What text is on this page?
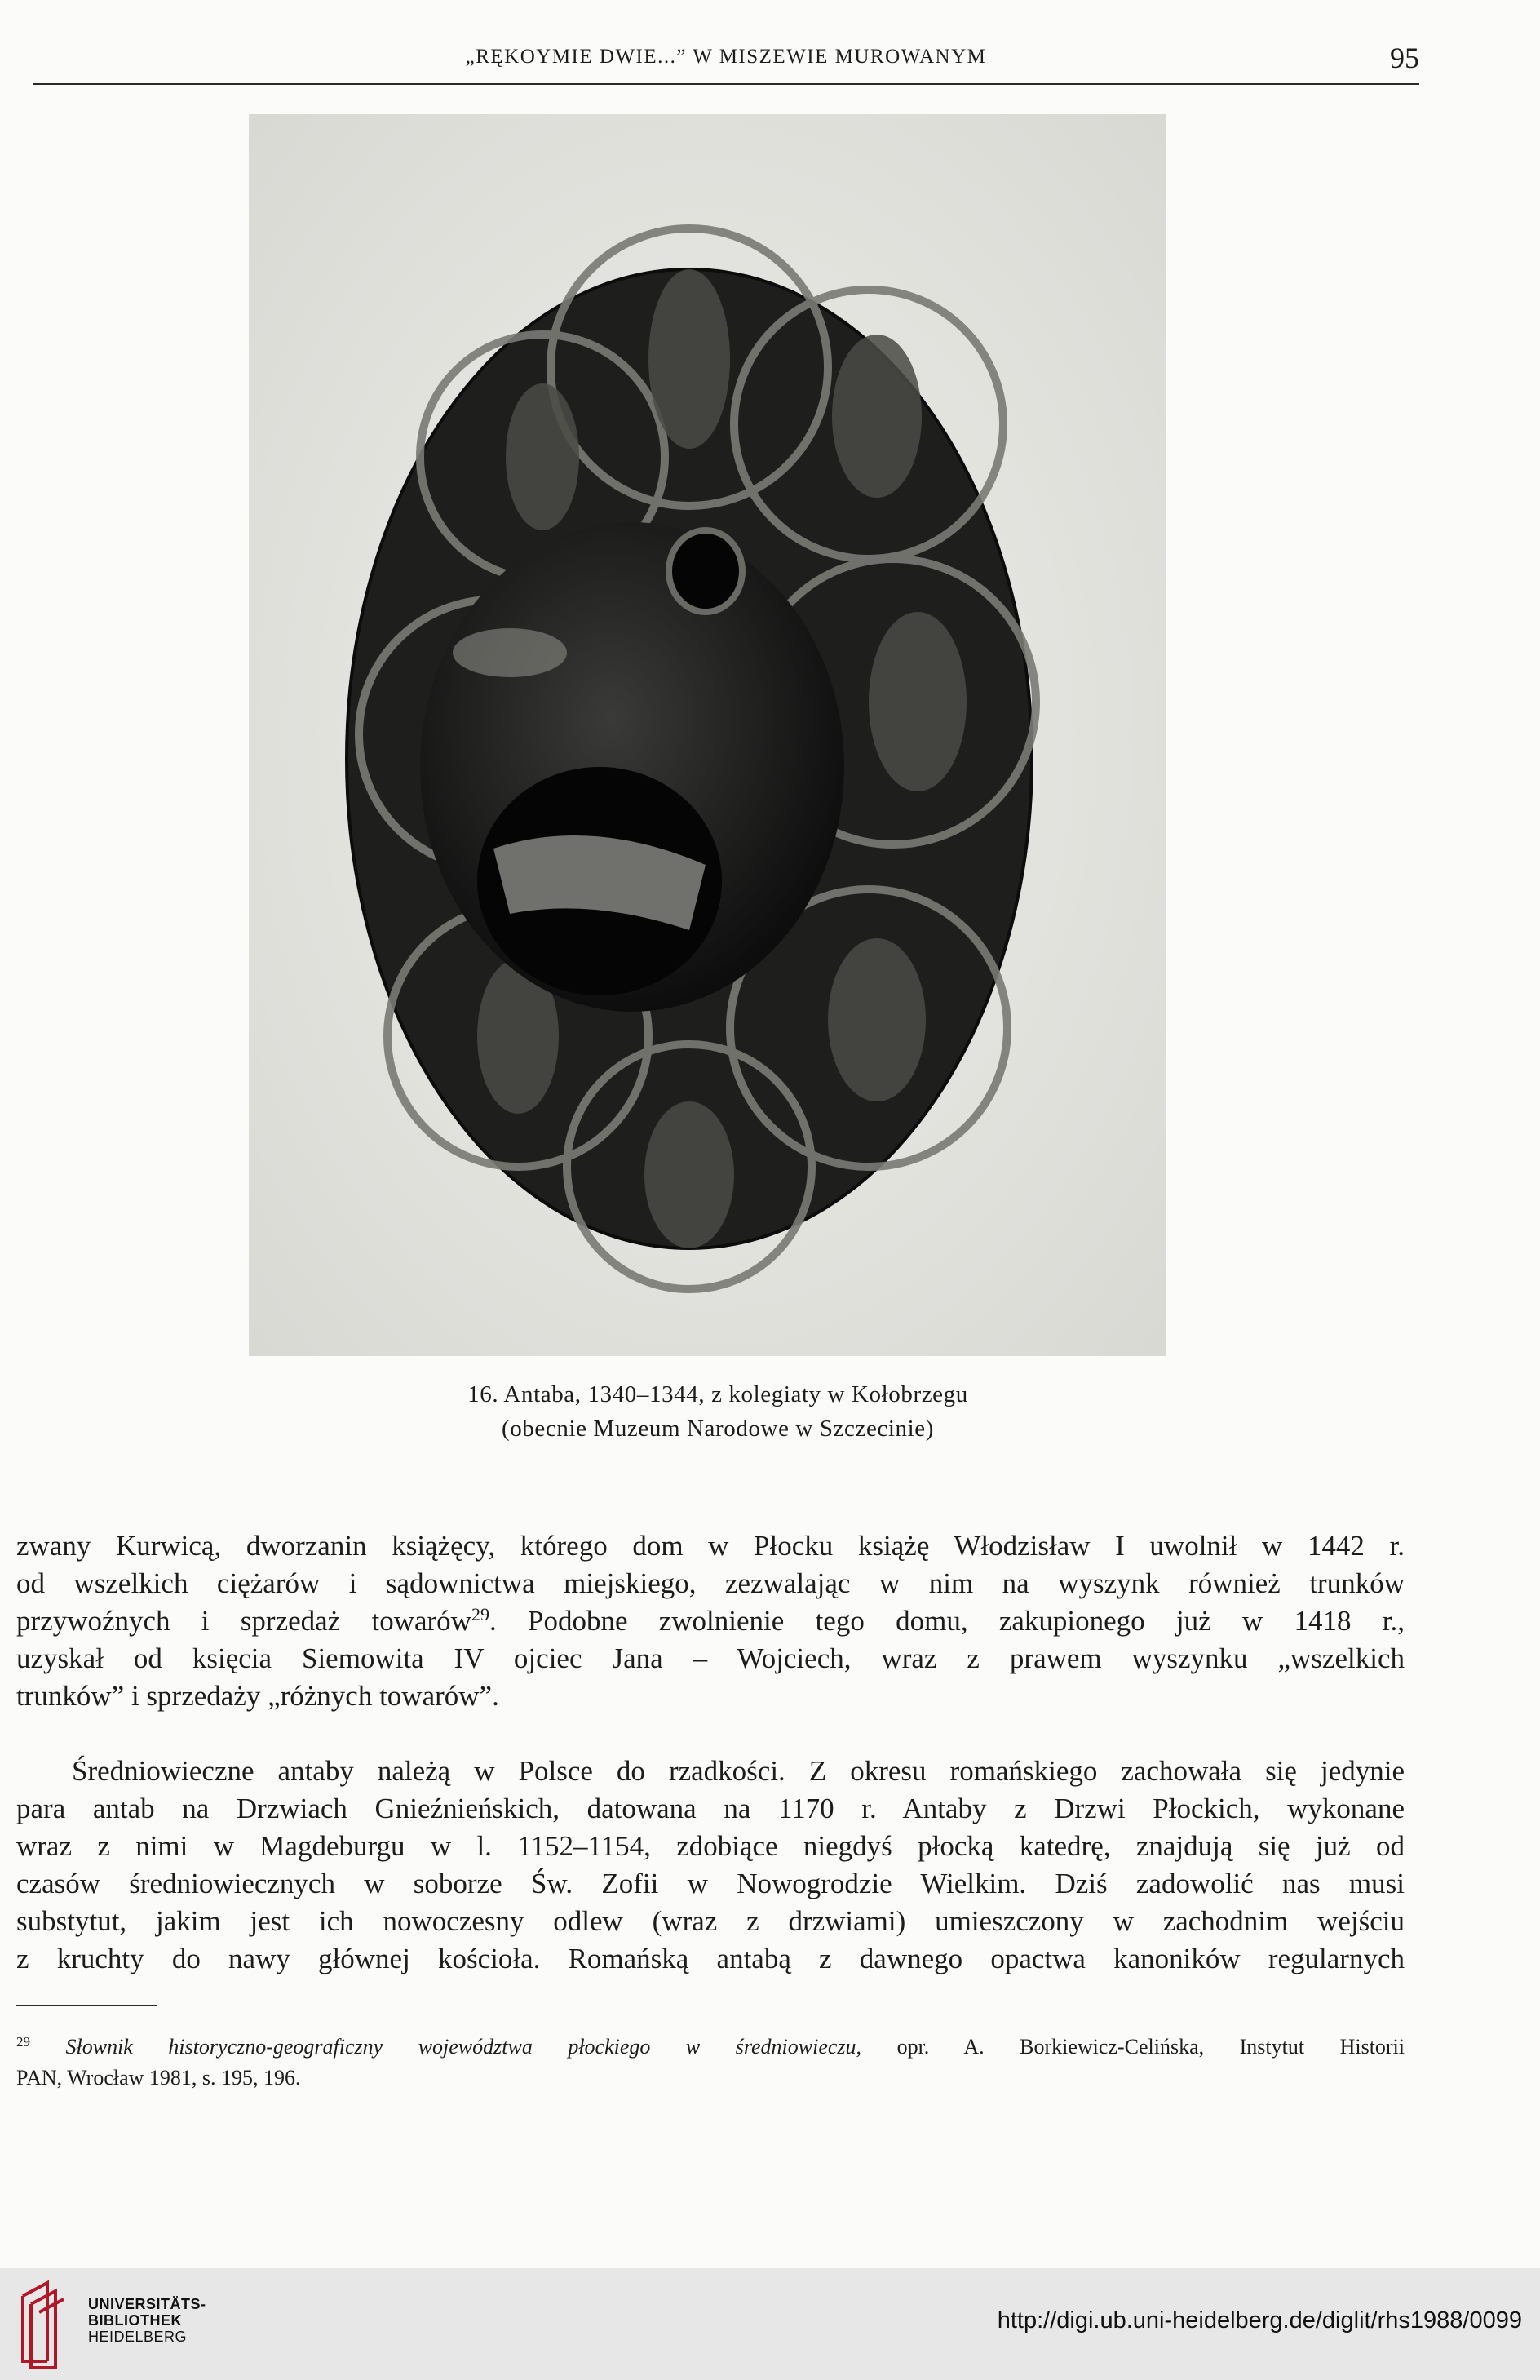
„RĘKOYMIE DWIE...” W MISZEWIE MUROWANYM	95
16. Antaba, 1340–1344, z kolegiaty w Kołobrzegu
(obecnie Muzeum Narodowe w Szczecinie)
zwany Kurwicą, dworzanin książęcy, którego dom w Płocku książę Włodzisław I uwolnił w 1442 r.
od wszelkich ciężarów i sądownictwa miejskiego, zezwalając w nim na wyszynk również trunków
przywoźnych i sprzedaż towarów$^{29}$. Podobne zwolnienie tego domu, zakupionego już w 1418 r.,
uzyskał od księcia Siemowita IV ojciec Jana – Wojciech, wraz z prawem wyszynku „wszelkich
trunków” i sprzedaży „różnych towarów”.
Średniowieczne antaby należą w Polsce do rzadkości. Z okresu romańskiego zachowała się jedynie
para antab na Drzwiach Gnieźnieńskich, datowana na 1170 r. Antaby z Drzwi Płockich, wykonane
wraz z nimi w Magdeburgu w l. 1152–1154, zdobiące niegdyś płocką katedrę, znajdują się już od
czasów średniowiecznych w soborze Św. Zofii w Nowogrodzie Wielkim. Dziś zadowolić nas musi
substytut, jakim jest ich nowoczesny odlew (wraz z drzwiami) umieszczony w zachodnim wejściu
z kruchty do nawy głównej kościoła. Romańską antabą z dawnego opactwa kanoników regularnych
$^{29}$ Słownik historyczno-geograficzny województwa płockiego w średniowieczu, opr. A. Borkiewicz-Celińska, Instytut Historii
PAN, Wrocław 1981, s. 195, 196.
UNIVERSITÄTS-
BIBLIOTHEK
HEIDELBERG
http://digi.ub.uni-heidelberg.de/diglit/rhs1988/0099
